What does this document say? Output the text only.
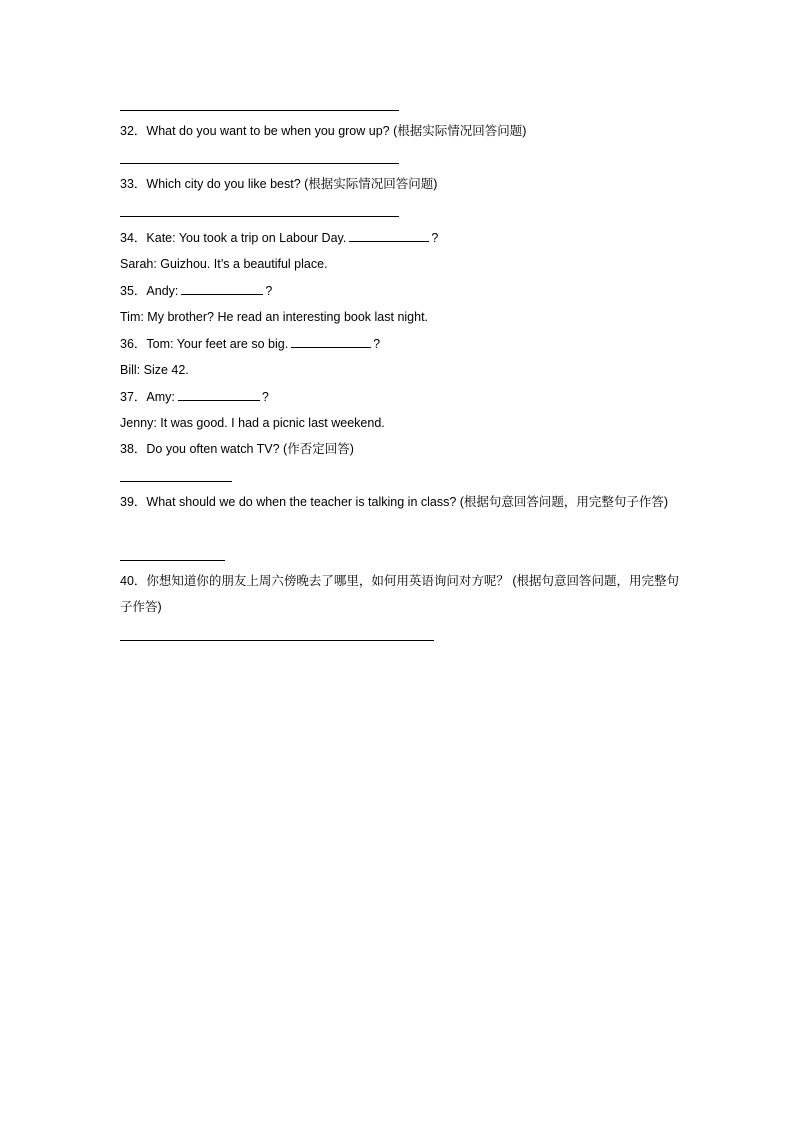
32．What do you want to be when you grow up? (根据实际情况回答问题)
33．Which city do you like best? (根据实际情况回答问题)
34．Kate: You took a trip on Labour Day.	?
Sarah: Guizhou. It’s a beautiful place.
35．Andy:	?
Tim: My brother? He read an interesting book last night.
36．Tom: Your feet are so big.	?
Bill: Size 42.
37．Amy:	?
Jenny: It was good. I had a picnic last weekend.
38．Do you often watch TV? (作否定回答)
39．What should we do when the teacher is talking in class? (根据句意回答问题，用完整句子作答)
40．你想知道你的朋友上周六傍晚去了哪里，如何用英语询问对方呢？ (根据句意回答问题，用完整句子作答)
